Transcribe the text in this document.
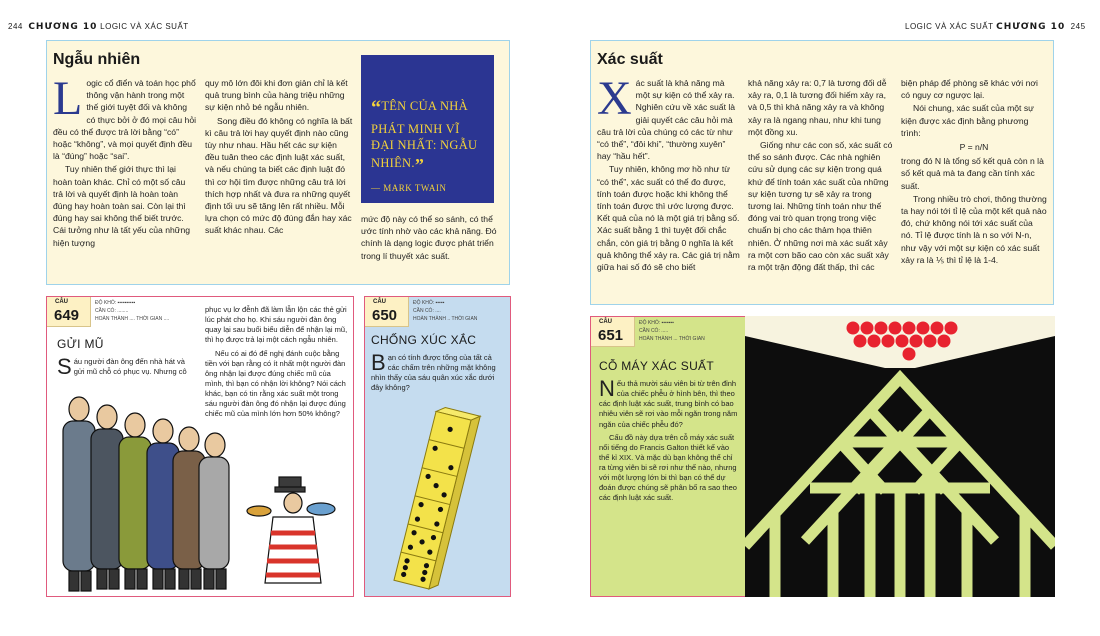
244 CHƯƠNG 10 LOGIC VÀ XÁC SUẤT	LOGIC VÀ XÁC SUẤT CHƯƠNG 10 245
Ngẫu nhiên
L ogic cổ điển và toán học phổ thông vận hành trong một thế giới tuyệt đối và không có thực bởi ở đó mọi câu hỏi đều có thể được trả lời bằng “có” hoặc “không”, và mọi quyết định đều là “đúng” hoặc “sai”.

Tuy nhiên thế giới thực thì lại hoàn toàn khác. Chỉ có một số câu trả lời và quyết định là hoàn toàn đúng hay hoàn toàn sai. Còn lại thì đúng hay sai không thể biết trước. Cái tưởng như là tất yếu của những hiện tượng

quy mô lớn đôi khi đơn giản chỉ là kết quả trung bình của hàng triệu những sự kiện nhỏ bé ngẫu nhiên.

Song điều đó không có nghĩa là bất kì câu trả lời hay quyết định nào cũng tùy như nhau. Hầu hết các sự kiện đều tuân theo các định luật xác suất, và nếu chúng ta biết các định luật đó thì cơ hội tìm được những câu trả lời thích hợp nhất và đưa ra những quyết định tối ưu sẽ tăng lên rất nhiều. Mỗi lựa chọn có mức độ đúng đắn hay xác suất khác nhau. Các

“TÊN CỦA NHÀ PHÁT MINH VĨ ĐẠI NHẤT: NGẪU NHIÊN.”
— MARK TWAIN

mức độ này có thể so sánh, có thể ước tính nhờ vào các khả năng. Đó chính là dạng logic được phát triển trong lí thuyết xác suất.

CÂU
649
ĐỘ KHÓ: ▪▪▪▪▪▪▪▪▪▪
CẦN CÓ: ........
HOÀN THÀNH .... THỜI GIAN ....
GỬI MŨ
S áu người đàn ông đến nhà hát và gửi mũ chỗ có phục vụ. Nhưng cô

phục vụ lơ đễnh đã làm lẫn lộn các thẻ gửi lúc phát cho họ. Khi sáu người đàn ông quay lại sau buổi biểu diễn để nhận lại mũ, thì họ được trả lại một cách ngẫu nhiên.

Nếu có ai đó để nghị đánh cuộc bằng tiền với bạn rằng có ít nhất một người đàn ông nhận lại được đúng chiếc mũ của mình, thì bạn có nhận lời không? Nói cách khác, bạn có tin rằng xác suất một trong sáu người đàn ông đó nhận lại được đúng chiếc mũ của mình lớn hơn 50% không?

CÂU
650
ĐỘ KHÓ: ▪▪▪▪▪
CẦN CÓ: ....
HOÀN THÀNH .. THỜI GIAN
CHỐNG XÚC XẮC
B ạn có tính được tổng của tất cả các chấm trên những mặt không nhìn thấy của sáu quân xúc xắc dưới đây không?
Xác suất
X ác suất là khả năng mà một sự kiện có thể xảy ra. Nghiên cứu về xác suất là giải quyết các câu hỏi mà câu trả lời của chúng có các từ như “có thể”, “đôi khi”, “thường xuyên” hay “hầu hết”.

Tuy nhiên, không mơ hồ như từ “có thể”, xác suất có thể đo được, tính toán được hoặc khi không thể tính toán được thì ước lượng được. Kết quả của nó là một giá trị bằng số. Xác suất bằng 1 thì tuyệt đối chắc chắn, còn giá trị bằng 0 nghĩa là kết quả không thể xảy ra. Các giá trị nằm giữa hai số đó sẽ cho biết

khả năng xảy ra: 0,7 là tương đối dễ xảy ra, 0,1 là tương đối hiếm xảy ra, và 0,5 thì khả năng xảy ra và không xảy ra là ngang nhau, như khi tung một đồng xu.

Giống như các con số, xác suất có thể so sánh được. Các nhà nghiên cứu sử dụng các sự kiện trong quá khứ để tính toán xác suất của những sự kiện tương tự sẽ xảy ra trong tương lai. Những tính toán như thế đóng vai trò quan trọng trong việc chuẩn bị cho các thảm họa thiên nhiên. Ở những nơi mà xác suất xảy ra một cơn bão cao còn xác suất xảy ra một trận động đất thấp, thì các

biện pháp để phòng sẽ khác với nơi có nguy cơ ngược lại.

Nói chung, xác suất của một sự kiện được xác định bằng phương trình:

P = n/N

trong đó N là tổng số kết quả còn n là số kết quả mà ta đang cần tính xác suất.

Trong nhiều trò chơi, thông thường ta hay nói tới tỉ lệ của một kết quả nào đó, chứ không nói tới xác suất của nó. Tỉ lệ được tính là n so với N-n, như vậy với một sự kiện có xác suất xảy ra là ⅕ thì tỉ lệ là 1-4.

CÂU
651
ĐỘ KHÓ: ▪▪▪▪▪▪▪
CẦN CÓ: .....
HOÀN THÀNH ... THỜI GIAN
CỖ MÁY XÁC SUẤT

Nếu thả mười sáu viên bi từ trên đỉnh của chiếc phễu ở hình bên, thì theo các định luật xác suất, trung bình có bao nhiêu viên sẽ rơi vào mỗi ngăn trong năm ngăn của chiếc phễu đó?

Cấu đồ này dựa trên cỗ máy xác suất nổi tiếng do Francis Galton thiết kế vào thế kỉ XIX. Và mặc dù bạn không thể chỉ ra từng viên bi sẽ rơi như thế nào, nhưng với một lượng lớn bi thì bạn có thể dự đoán được chúng sẽ phân bố ra sao theo các định luật xác suất.
